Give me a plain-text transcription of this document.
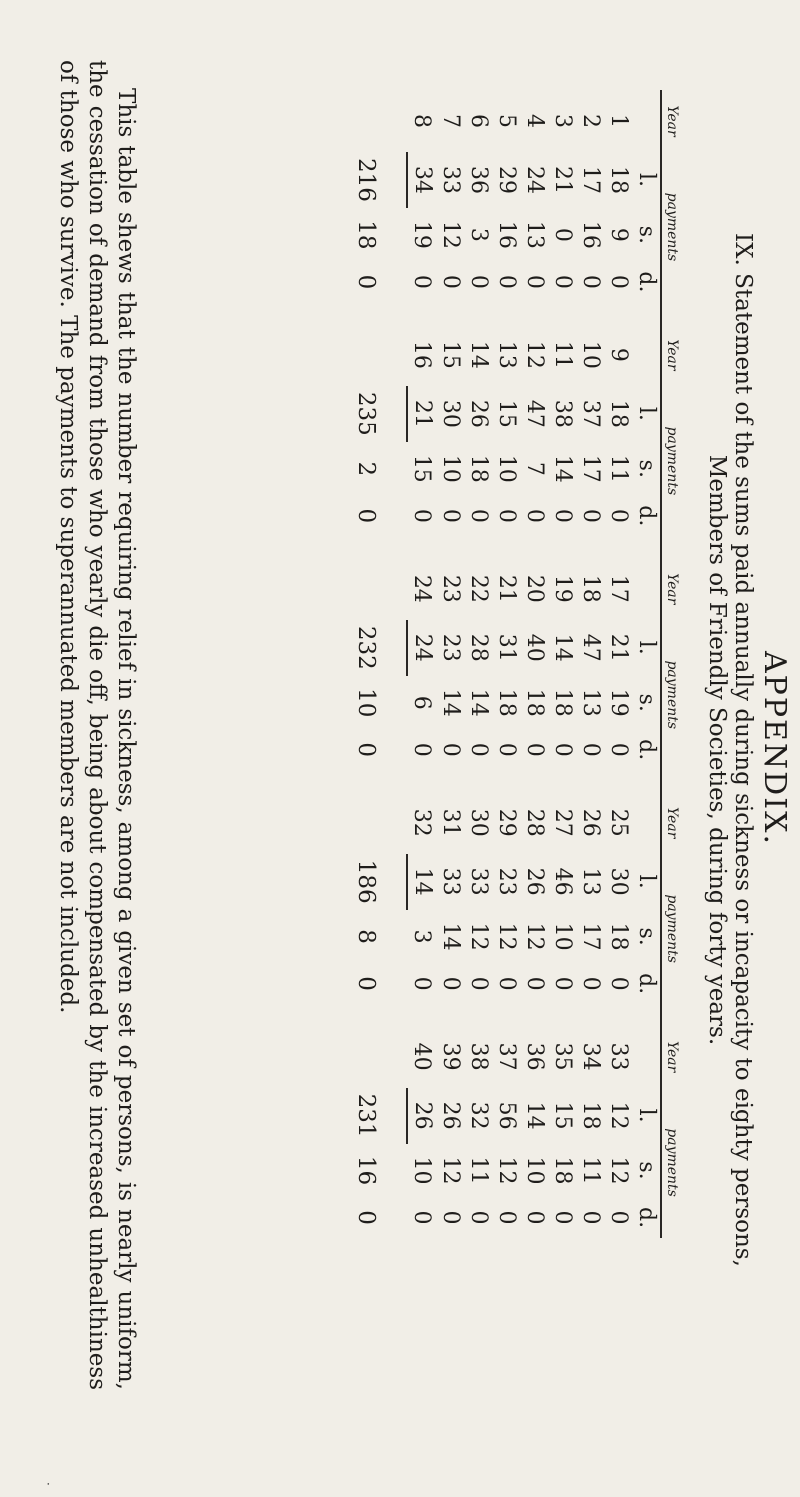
APPENDIX.
IX. Statement of the sums paid annually during sickness or incapacity to eighty persons,
Members of Friendly Societies, during forty years.
Year	payments				Year	payments				Year	payments				Year	payments				Year	payments		
	l.	s.	d.			l.	s.	d.			l.	s.	d.			l.	s.	d.			l.	s.	d.
1	18	9	0		9	18	11	0		17	21	19	0		25	30	18	0		33	12	12	0
2	17	16	0		10	37	17	0		18	47	13	0		26	13	17	0		34	18	11	0
3	21	0	0		11	38	14	0		19	14	18	0		27	46	10	0		35	15	18	0
4	24	13	0		12	47	7	0		20	40	18	0		28	26	12	0		36	14	10	0
5	29	16	0		13	15	10	0		21	31	18	0		29	23	12	0		37	56	12	0
6	36	3	0		14	26	18	0		22	28	14	0		30	33	12	0		38	32	11	0
7	33	12	0		15	30	10	0		23	23	14	0		31	33	14	0		39	26	12	0
8	34	19	0		16	21	15	0		24	24	6	0		32	14	3	0		40	26	10	0
	216	18	0			235	2	0			232	10	0			186	8	0			231	16	0
This table shews that the number requiring relief in sickness, among a given set of persons, is nearly uniform, the cessation of demand from those who yearly die off, being about compensated by the increased unhealthiness of those who survive. The payments to superannuated members are not included.
·
